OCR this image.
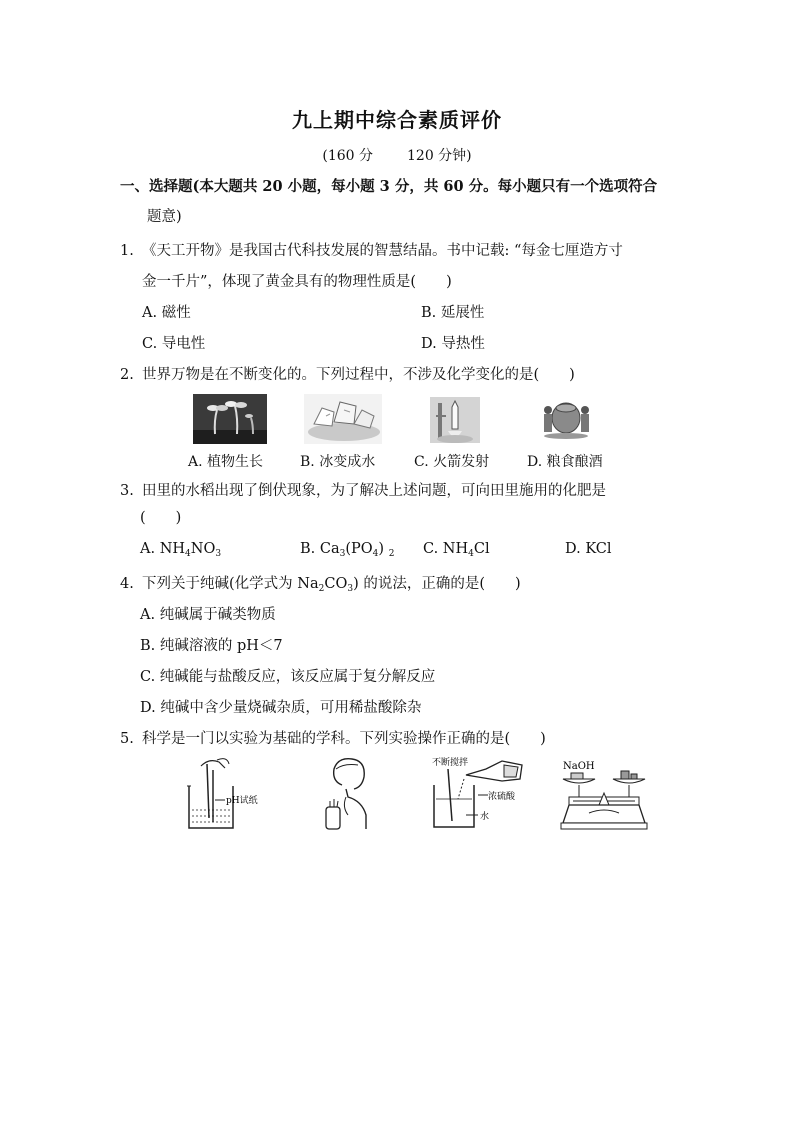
九上期中综合素质评价
(160 分 120 分钟)
一、选择题(本大题共 20 小题，每小题 3 分，共 60 分。每小题只有一个选项符合
题意)
1. 《天工开物》是我国古代科技发展的智慧结晶。书中记载: “每金七厘造方寸
金一千片”，体现了黄金具有的物理性质是( )
A. 磁性	B. 延展性
C. 导电性	D. 导热性
2. 世界万物是在不断变化的。下列过程中，不涉及化学变化的是( )
A. 植物生长	B. 冰变成水	C. 火箭发射	D. 粮食酿酒
3. 田里的水稻出现了倒伏现象，为了解决上述问题，可向田里施用的化肥是
( )
A. $NH_4NO_3$	B. $Ca_3(PO_4)$ $_2$ C. $NH_4Cl$	D. KCl
4. 下列关于纯碱(化学式为 $Na_2CO_3$) 的说法，正确的是( )
A. 纯碱属于碱类物质
B. 纯碱溶液的 pH＜7
C. 纯碱能与盐酸反应，该反应属于复分解反应
D. 纯碱中含少量烧碱杂质，可用稀盐酸除杂
5. 科学是一门以实验为基础的学科。下列实验操作正确的是( )
pH试纸
不断搅拌
浓硫酸
水
NaOH
